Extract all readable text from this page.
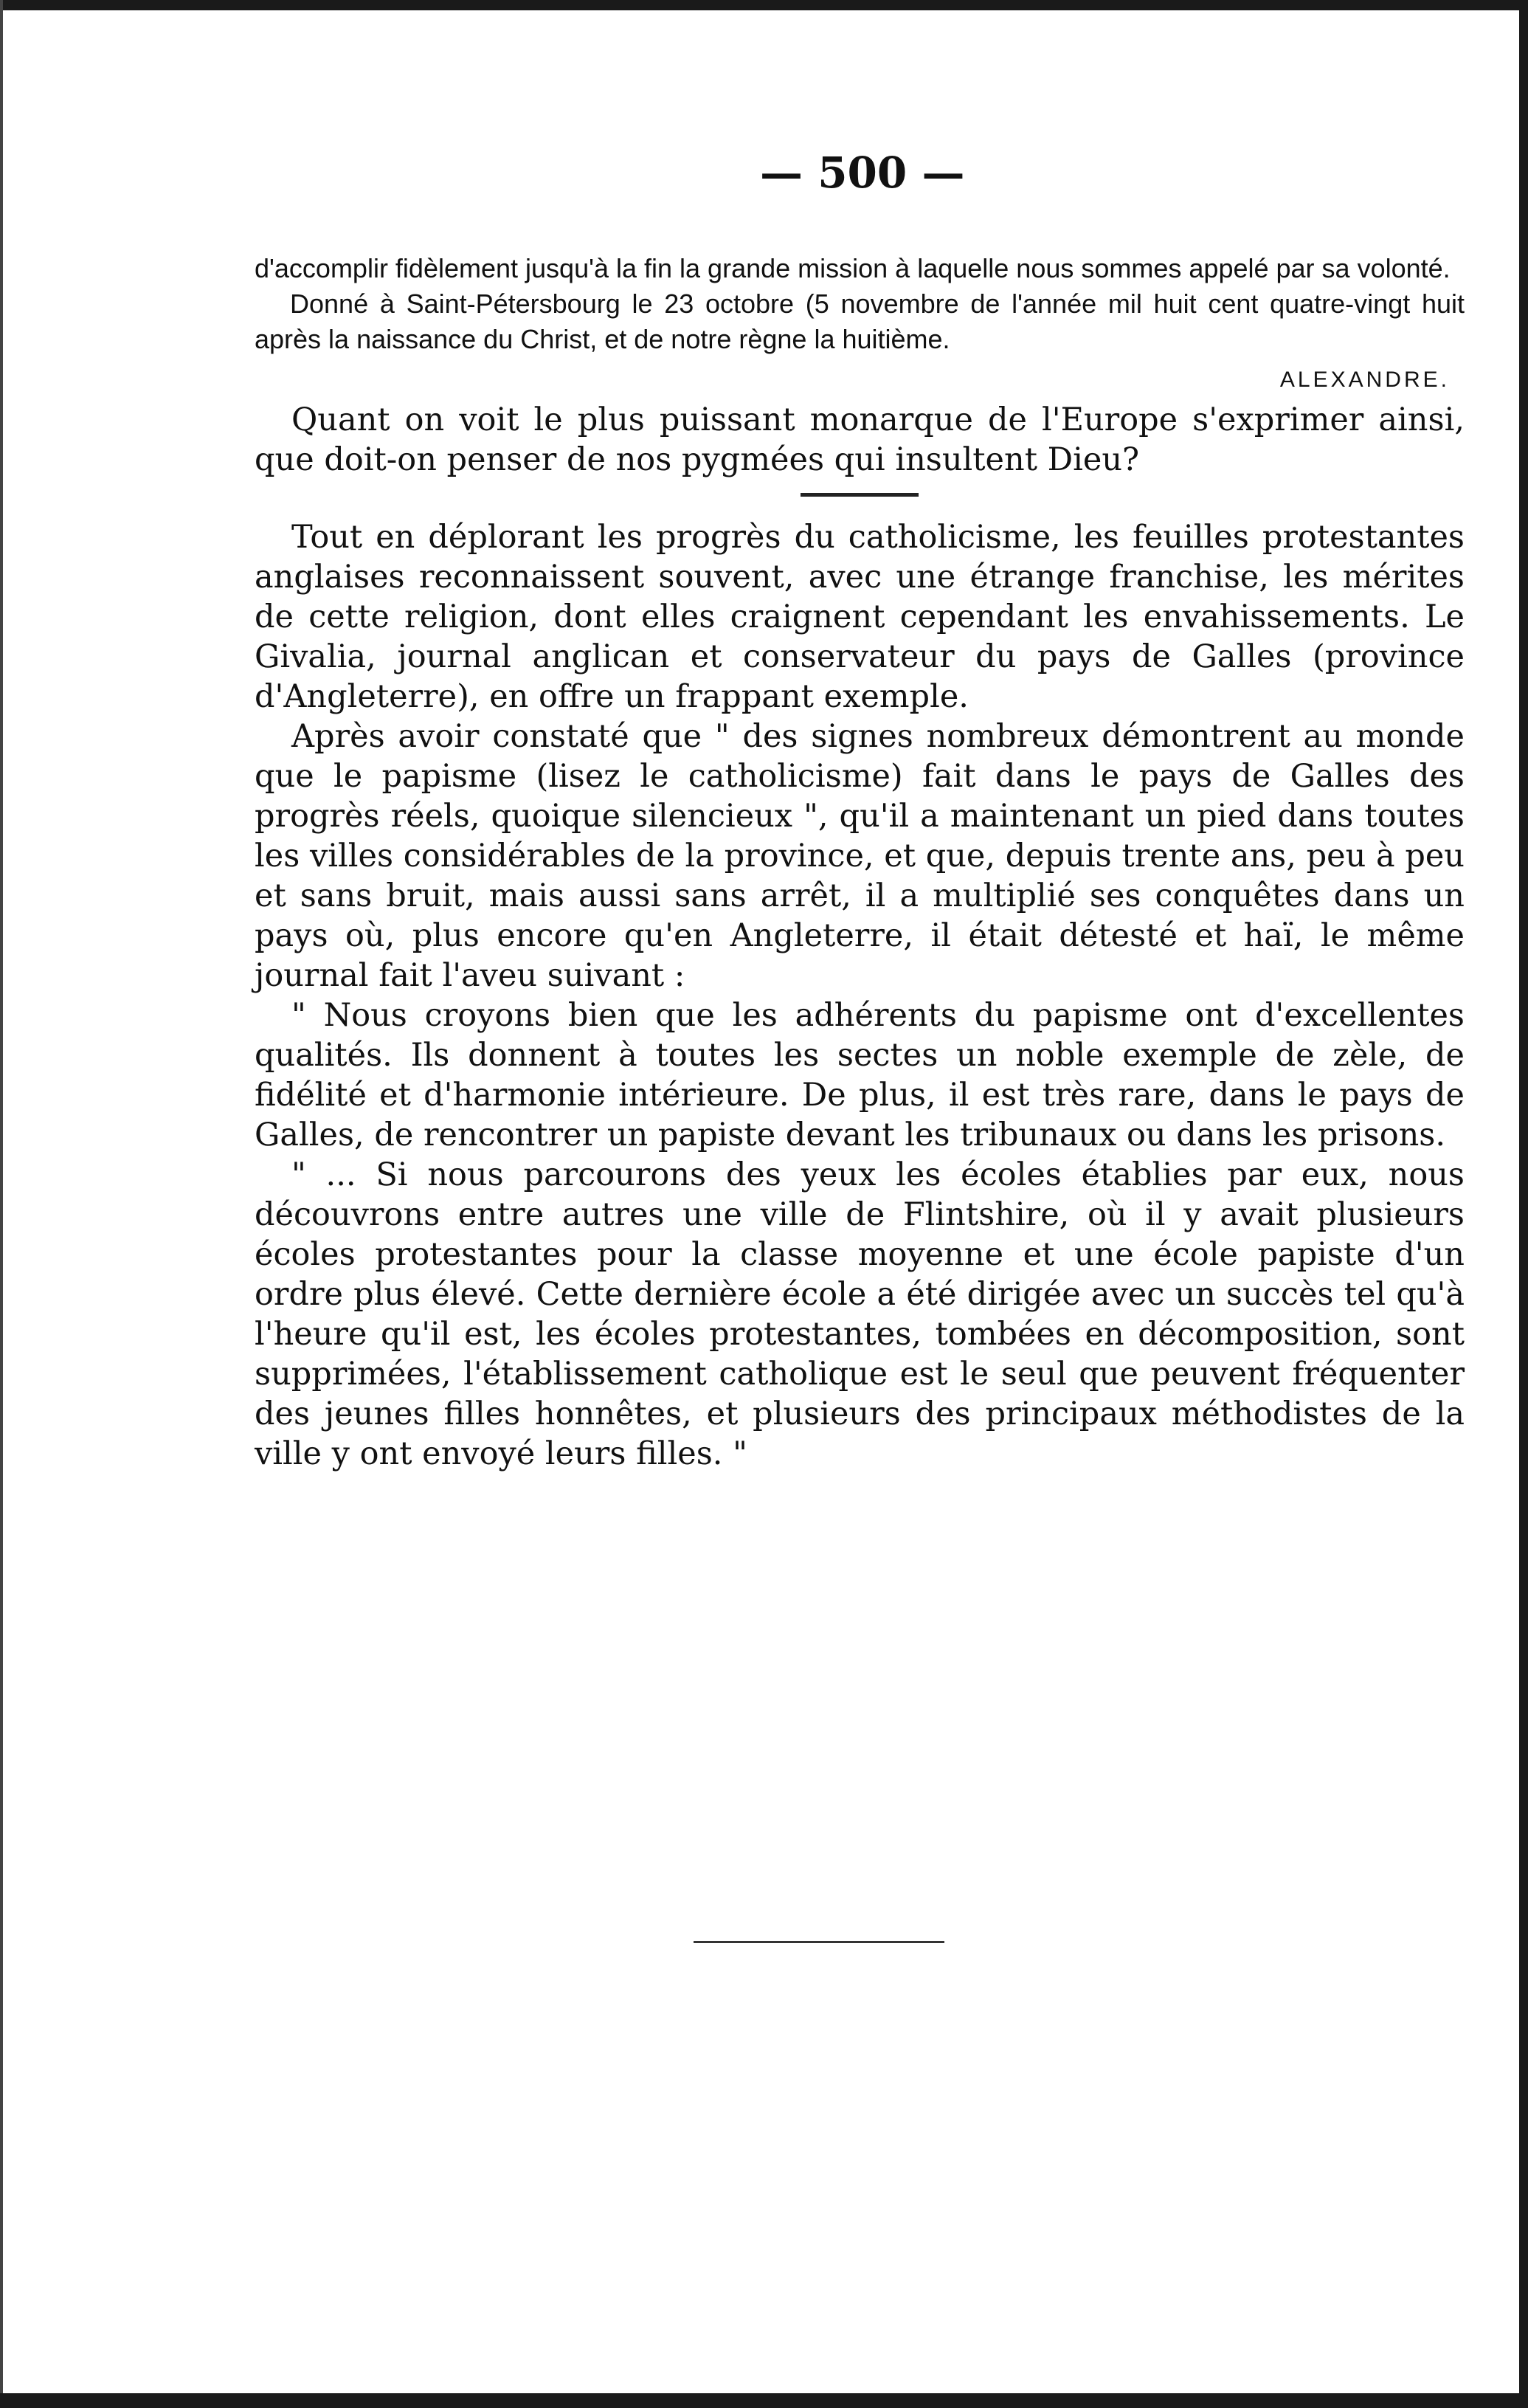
— 500 —

d'accomplir fidèlement jusqu'à la fin la grande mission à laquelle nous sommes appelé par sa volonté.

Donné à Saint-Pétersbourg le 23 octobre (5 novembre de l'année mil huit cent quatre-vingt huit après la naissance du Christ, et de notre règne la huitième.

ALEXANDRE.

Quant on voit le plus puissant monarque de l'Europe s'exprimer ainsi, que doit-on penser de nos pygmées qui insultent Dieu?

Tout en déplorant les progrès du catholicisme, les feuilles protestantes anglaises reconnaissent souvent, avec une étrange franchise, les mérites de cette religion, dont elles craignent cependant les envahissements. Le Givalia, journal anglican et conservateur du pays de Galles (province d'Angleterre), en offre un frappant exemple.

Après avoir constaté que " des signes nombreux démontrent au monde que le papisme (lisez le catholicisme) fait dans le pays de Galles des progrès réels, quoique silencieux ", qu'il a maintenant un pied dans toutes les villes considérables de la province, et que, depuis trente ans, peu à peu et sans bruit, mais aussi sans arrêt, il a multiplié ses conquêtes dans un pays où, plus encore qu'en Angleterre, il était détesté et haï, le même journal fait l'aveu suivant :

" Nous croyons bien que les adhérents du papisme ont d'excellentes qualités. Ils donnent à toutes les sectes un noble exemple de zèle, de fidélité et d'harmonie intérieure. De plus, il est très rare, dans le pays de Galles, de rencontrer un papiste devant les tribunaux ou dans les prisons.

" ... Si nous parcourons des yeux les écoles établies par eux, nous découvrons entre autres une ville de Flintshire, où il y avait plusieurs écoles protestantes pour la classe moyenne et une école papiste d'un ordre plus élevé. Cette dernière école a été dirigée avec un succès tel qu'à l'heure qu'il est, les écoles protestantes, tombées en décomposition, sont supprimées, l'établissement catholique est le seul que peuvent fréquenter des jeunes filles honnêtes, et plusieurs des principaux méthodistes de la ville y ont envoyé leurs filles. "
